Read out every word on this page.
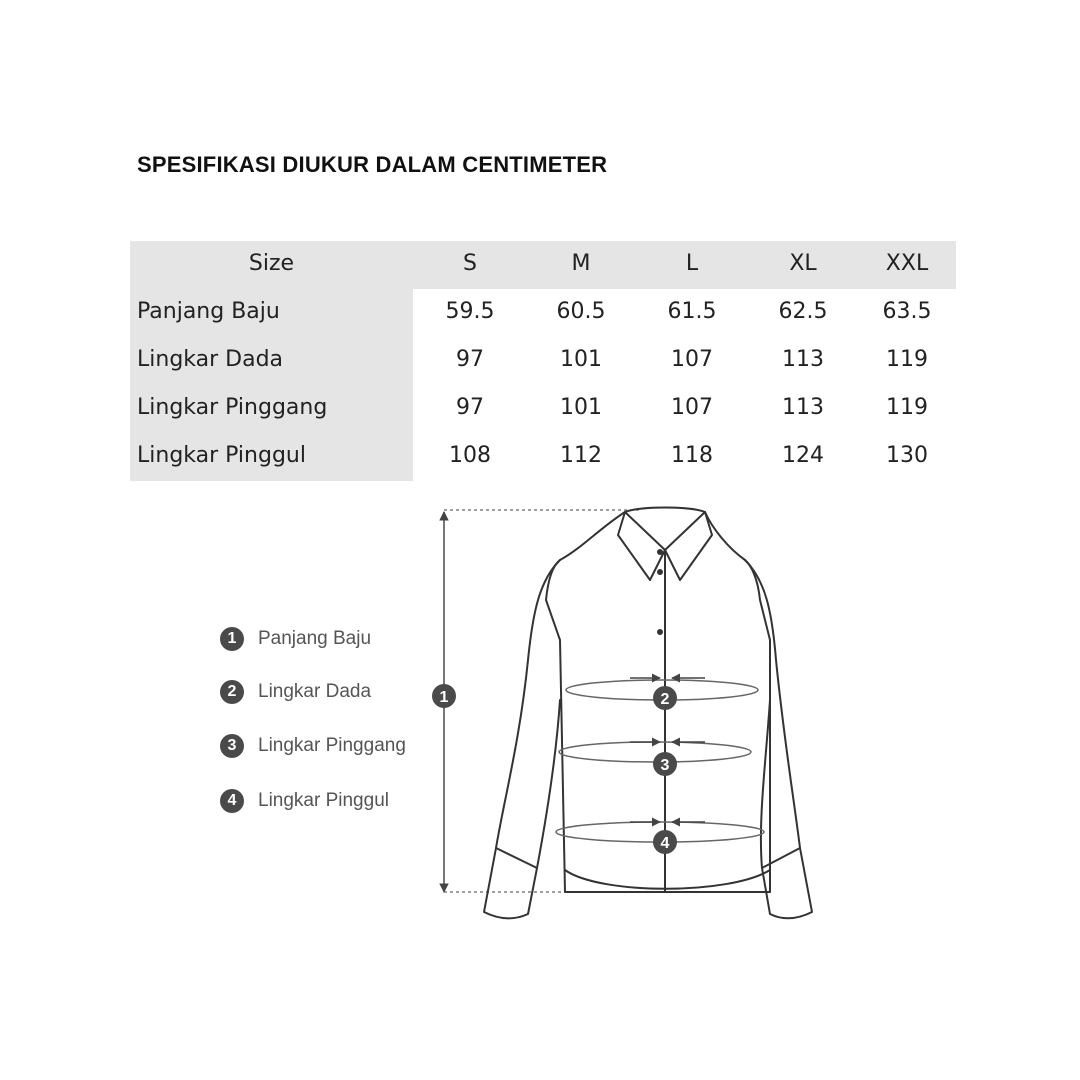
SPESIFIKASI DIUKUR DALAM CENTIMETER
Size	S	M	L	XL	XXL
Panjang Baju	59.5	60.5	61.5	62.5	63.5
Lingkar Dada	97	101	107	113	119
Lingkar Pinggang	97	101	107	113	119
Lingkar Pinggul	108	112	118	124	130
1	Panjang Baju
2	Lingkar Dada
3	Lingkar Pinggang
4	Lingkar Pinggul
1	2
3
4
